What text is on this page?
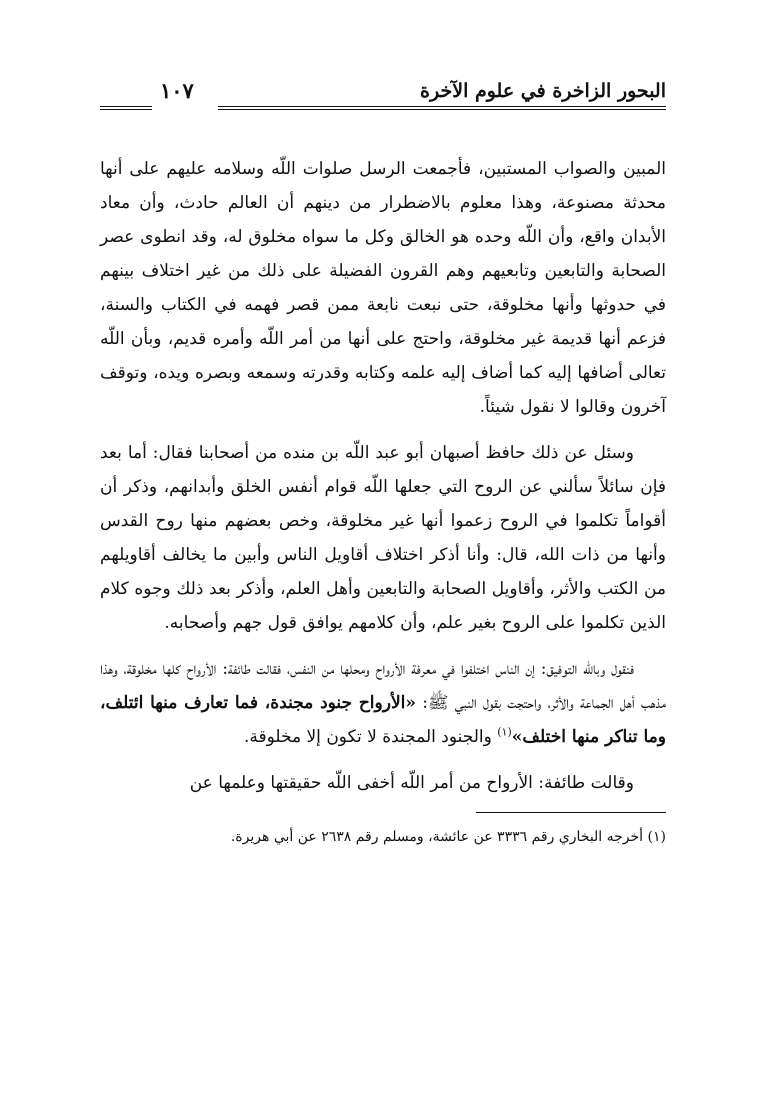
البحور الزاخرة في علوم الآخرة
١٠٧

المبين والصواب المستبين، فأجمعت الرسل صلوات اللّه وسلامه عليهم على أنها محدثة مصنوعة، وهذا معلوم بالاضطرار من دينهم أن العالم حادث، وأن معاد الأبدان واقع، وأن اللّه وحده هو الخالق وكل ما سواه مخلوق له، وقد انطوى عصر الصحابة والتابعين وتابعيهم وهم القرون الفضيلة على ذلك من غير اختلاف بينهم في حدوثها وأنها مخلوقة، حتى نبعت نابعة ممن قصر فهمه في الكتاب والسنة، فزعم أنها قديمة غير مخلوقة، واحتج على أنها من أمر اللّه وأمره قديم، وبأن اللّه تعالى أضافها إليه كما أضاف إليه علمه وكتابه وقدرته وسمعه وبصره ويده، وتوقف آخرون وقالوا لا نقول شيئاً.

وسئل عن ذلك حافظ أصبهان أبو عبد اللّه بن منده من أصحابنا فقال: أما بعد فإن سائلاً سألني عن الروح التي جعلها اللّه قوام أنفس الخلق وأبدانهم، وذكر أن أقواماً تكلموا في الروح زعموا أنها غير مخلوقة، وخص بعضهم منها روح القدس وأنها من ذات الله، قال: وأنا أذكر اختلاف أقاويل الناس وأبين ما يخالف أقاويلهم من الكتب والأثر، وأقاويل الصحابة والتابعين وأهل العلم، وأذكر بعد ذلك وجوه كلام الذين تكلموا على الروح بغير علم، وأن كلامهم يوافق قول جهم وأصحابه.

فنقول وباللّه التوفيق: إن الناس اختلفوا في معرفة الأرواح ومحلها من النفس، فقالت طائفة: الأرواح كلها مخلوقة، وهذا مذهب أهل الجماعة والأثر، واحتجت بقول النبي ﷺ: «الأرواح جنود مجندة، فما تعارف منها ائتلف، وما تناكر منها اختلف»$^{(١)}$ والجنود المجندة لا تكون إلا مخلوقة.

وقالت طائفة: الأرواح من أمر اللّه أخفى اللّه حقيقتها وعلمها عن

(١) أخرجه البخاري رقم ٣٣٣٦ عن عائشة، ومسلم رقم ٢٦٣٨ عن أبي هريرة.
